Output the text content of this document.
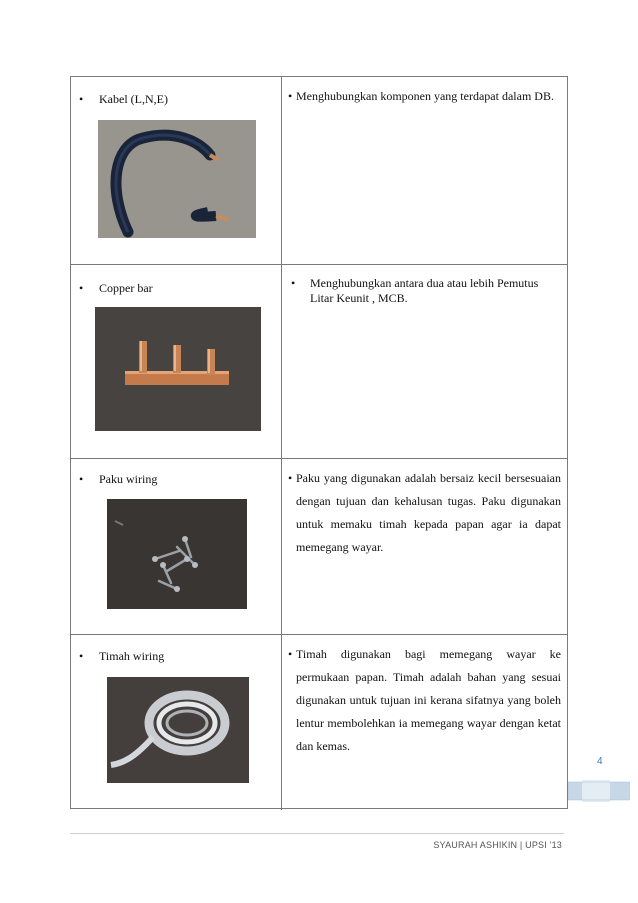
• Kabel (L,N,E)	• Menghubungkan komponen yang terdapat dalam DB.
• Copper bar	•	Menghubungkan antara dua atau lebih Pemutus Litar Keunit , MCB.
• Paku wiring	• Paku yang digunakan adalah bersaiz kecil bersesuaian dengan tujuan dan kehalusan tugas. Paku digunakan untuk memaku timah kepada papan agar ia dapat memegang wayar.
• Timah wiring	• Timah digunakan bagi memegang wayar ke permukaan papan. Timah adalah bahan yang sesuai digunakan untuk tujuan ini kerana sifatnya yang boleh lentur membolehkan ia memegang wayar dengan ketat dan kemas.
4
SYAURAH ASHIKIN | UPSI '13
